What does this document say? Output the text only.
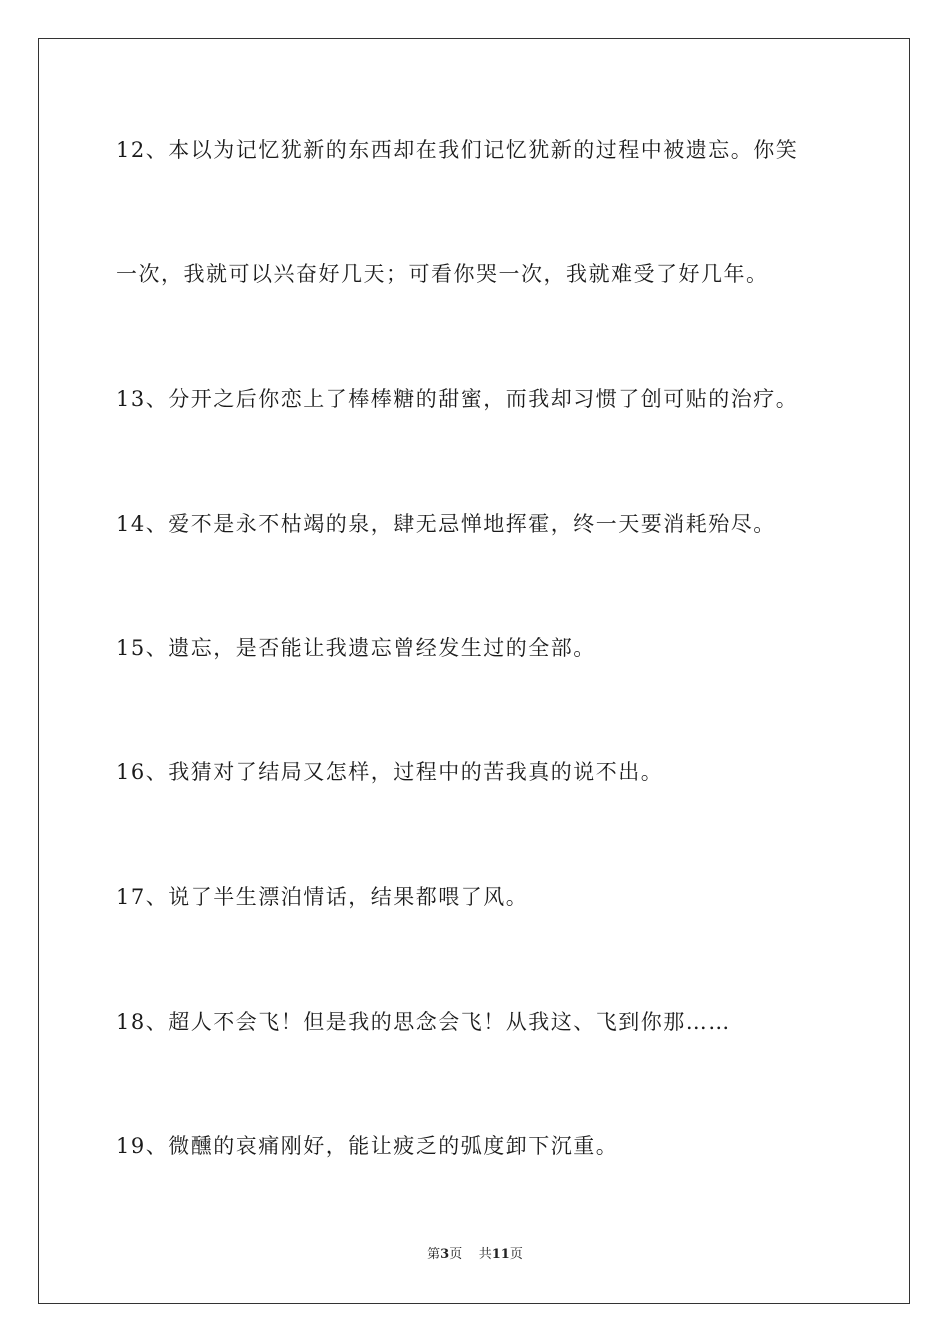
12、本以为记忆犹新的东西却在我们记忆犹新的过程中被遗忘。你笑
一次，我就可以兴奋好几天；可看你哭一次，我就难受了好几年。
13、分开之后你恋上了棒棒糖的甜蜜，而我却习惯了创可贴的治疗。
14、爱不是永不枯竭的泉，肆无忌惮地挥霍，终一天要消耗殆尽。
15、遗忘，是否能让我遗忘曾经发生过的全部。
16、我猜对了结局又怎样，过程中的苦我真的说不出。
17、说了半生漂泊情话，结果都喂了风。
18、超人不会飞！但是我的思念会飞！从我这、飞到你那……
19、微醺的哀痛刚好，能让疲乏的弧度卸下沉重。
第3页 共11页
